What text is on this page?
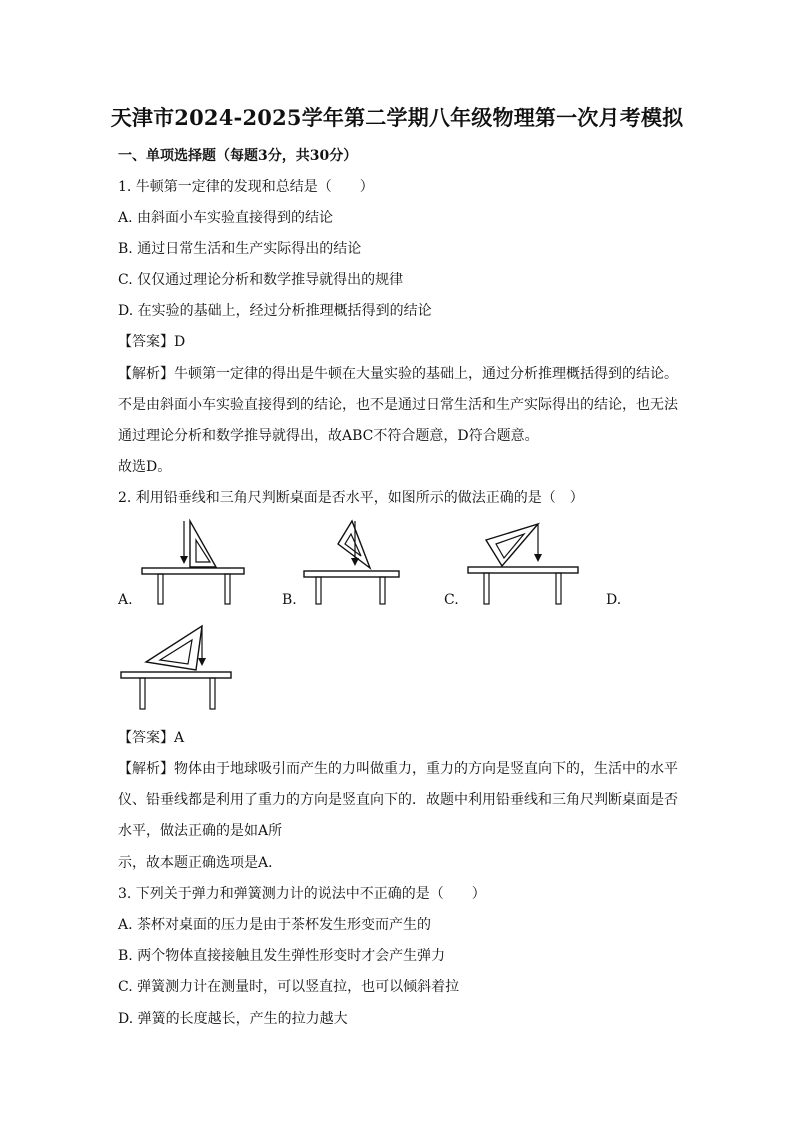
天津市2024-2025学年第二学期八年级物理第一次月考模拟
一、单项选择题（每题3分，共30分）
1. 牛顿第一定律的发现和总结是（　　）
A. 由斜面小车实验直接得到的结论
B. 通过日常生活和生产实际得出的结论
C. 仅仅通过理论分析和数学推导就得出的规律
D. 在实验的基础上，经过分析推理概括得到的结论
【答案】D
【解析】牛顿第一定律的得出是牛顿在大量实验的基础上，通过分析推理概括得到的结论。
不是由斜面小车实验直接得到的结论，也不是通过日常生活和生产实际得出的结论，也无法
通过理论分析和数学推导就得出，故ABC不符合题意，D符合题意。
故选D。
2. 利用铅垂线和三角尺判断桌面是否水平，如图所示的做法正确的是（　）
A.	B.	C.	D.
【答案】A
【解析】物体由于地球吸引而产生的力叫做重力，重力的方向是竖直向下的，生活中的水平
仪、铅垂线都是利用了重力的方向是竖直向下的．故题中利用铅垂线和三角尺判断桌面是否
水平，做法正确的是如A所
示，故本题正确选项是A．
3. 下列关于弹力和弹簧测力计的说法中不正确的是（　　）
A. 茶杯对桌面的压力是由于茶杯发生形变而产生的
B. 两个物体直接接触且发生弹性形变时才会产生弹力
C. 弹簧测力计在测量时，可以竖直拉，也可以倾斜着拉
D. 弹簧的长度越长，产生的拉力越大
